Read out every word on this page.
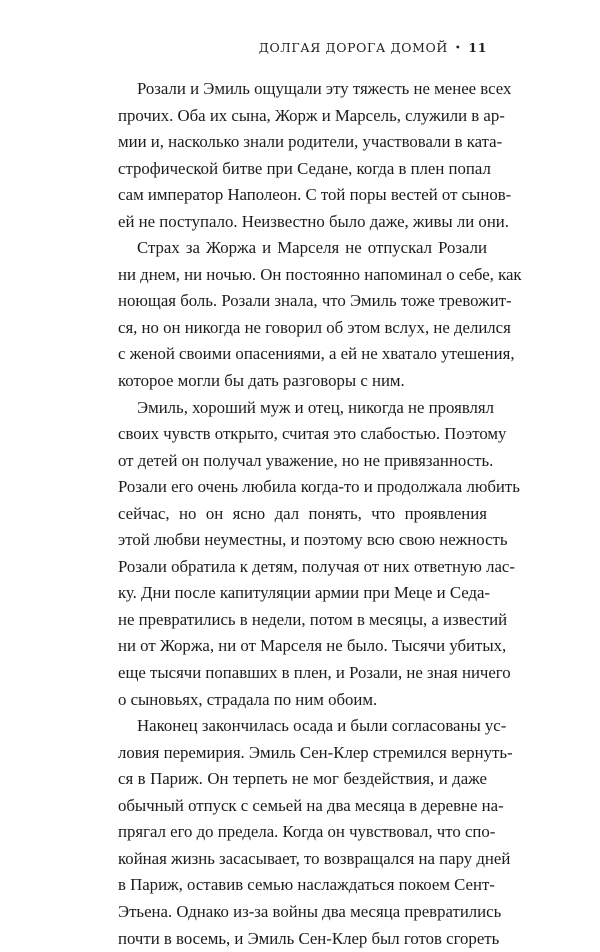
ДОЛГАЯ ДОРОГА ДОМОЙ • 11

Розали и Эмиль ощущали эту тяжесть не менее всех
прочих. Оба их сына, Жорж и Марсель, служили в ар-
мии и, насколько знали родители, участвовали в ката-
строфической битве при Седане, когда в плен попал
сам император Наполеон. С той поры вестей от сынов-
ей не поступало. Неизвестно было даже, живы ли они.

Страх за Жоржа и Марселя не отпускал Розали
ни днем, ни ночью. Он постоянно напоминал о себе, как
ноющая боль. Розали знала, что Эмиль тоже тревожит-
ся, но он никогда не говорил об этом вслух, не делился
с женой своими опасениями, а ей не хватало утешения,
которое могли бы дать разговоры с ним.

Эмиль, хороший муж и отец, никогда не проявлял
своих чувств открыто, считая это слабостью. Поэтому
от детей он получал уважение, но не привязанность.
Розали его очень любила когда-то и продолжала любить
сейчас, но он ясно дал понять, что проявления
этой любви неуместны, и поэтому всю свою нежность
Розали обратила к детям, получая от них ответную лас-
ку. Дни после капитуляции армии при Меце и Седа-
не превратились в недели, потом в месяцы, а известий
ни от Жоржа, ни от Марселя не было. Тысячи убитых,
еще тысячи попавших в плен, и Розали, не зная ничего
о сыновьях, страдала по ним обоим.

Наконец закончилась осада и были согласованы ус-
ловия перемирия. Эмиль Сен-Клер стремился вернуть-
ся в Париж. Он терпеть не мог бездействия, и даже
обычный отпуск с семьей на два месяца в деревне на-
прягал его до предела. Когда он чувствовал, что спо-
койная жизнь засасывает, то возвращался на пару дней
в Париж, оставив семью наслаждаться покоем Сент-
Этьена. Однако из-за войны два месяца превратились
почти в восемь, и Эмиль Сен-Клер был готов сгореть
